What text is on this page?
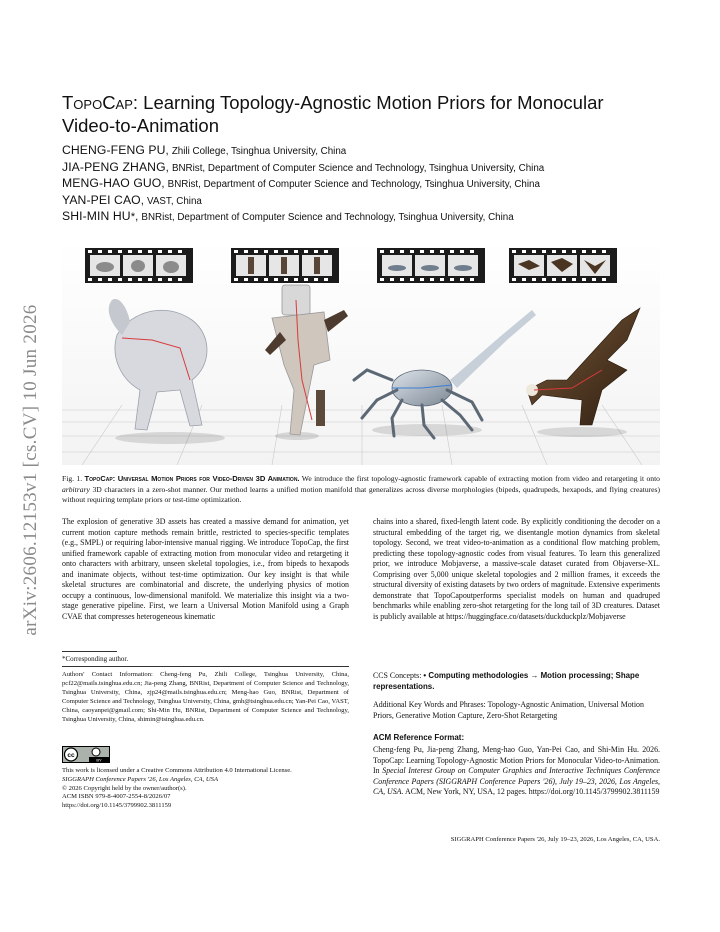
arXiv:2606.12153v1 [cs.CV] 10 Jun 2026
TopoCap: Learning Topology-Agnostic Motion Priors for Monocular
Video-to-Animation
CHENG-FENG PU, Zhili College, Tsinghua University, China
JIA-PENG ZHANG, BNRist, Department of Computer Science and Technology, Tsinghua University, China
MENG-HAO GUO, BNRist, Department of Computer Science and Technology, Tsinghua University, China
YAN-PEI CAO, VAST, China
SHI-MIN HU*, BNRist, Department of Computer Science and Technology, Tsinghua University, China
Fig. 1. TopoCap: Universal Motion Priors for Video-Driven 3D Animation. We introduce the first topology-agnostic framework capable of extracting motion from video and retargeting it onto arbitrary 3D characters in a zero-shot manner. Our method learns a unified motion manifold that generalizes across diverse morphologies (bipeds, quadrupeds, hexapods, and flying creatures) without requiring template priors or test-time optimization.

The explosion of generative 3D assets has created a massive demand for animation, yet current motion capture methods remain brittle, restricted to species-specific templates (e.g., SMPL) or requiring labor-intensive manual rigging. We introduce TopoCap, the first unified framework capable of extracting motion from monocular video and retargeting it onto characters with arbitrary, unseen skeletal topologies, i.e., from bipeds to hexapods and inanimate objects, without test-time optimization. Our key insight is that while skeletal structures are combinatorial and discrete, the underlying physics of motion occupy a continuous, low-dimensional manifold. We materialize this insight via a two-stage generative pipeline. First, we learn a Universal Motion Manifold using a Graph CVAE that compresses heterogeneous kinematic

chains into a shared, fixed-length latent code. By explicitly conditioning the decoder on a structural embedding of the target rig, we disentangle motion dynamics from skeletal topology. Second, we treat video-to-animation as a conditional flow matching problem, predicting these topology-agnostic codes from visual features. To learn this generalized prior, we introduce Mobjaverse, a massive-scale dataset curated from Objaverse-XL. Comprising over 5,000 unique skeletal topologies and 2 million frames, it exceeds the structural diversity of existing datasets by two orders of magnitude. Extensive experiments demonstrate that TopoCapoutperforms specialist models on human and quadruped benchmarks while enabling zero-shot retargeting for the long tail of 3D creatures. Dataset is publicly available at https://huggingface.co/datasets/duckduckplz/Mobjaverse

*Corresponding author.
Authors' Contact Information: Cheng-feng Pu, Zhili College, Tsinghua University, China, pcf22@mails.tsinghua.edu.cn; Jia-peng Zhang, BNRist, Department of Computer Science and Technology, Tsinghua University, China, zjp24@mails.tsinghua.edu.cn; Meng-hao Guo, BNRist, Department of Computer Science and Technology, Tsinghua University, China, gmh@tsinghua.edu.cn; Yan-Pei Cao, VAST, China, caoyanpei@gmail.com; Shi-Min Hu, BNRist, Department of Computer Science and Technology, Tsinghua University, China, shimin@tsinghua.edu.cn.
cc
BY
This work is licensed under a Creative Commons Attribution 4.0 International License.
SIGGRAPH Conference Papers '26, Los Angeles, CA, USA
© 2026 Copyright held by the owner/author(s).
ACM ISBN 979-8-4007-2554-8/2026/07
https://doi.org/10.1145/3799902.3811159
CCS Concepts: • Computing methodologies → Motion processing; Shape representations.
Additional Key Words and Phrases: Topology-Agnostic Animation, Universal Motion Priors, Generative Motion Capture, Zero-Shot Retargeting
ACM Reference Format:
Cheng-feng Pu, Jia-peng Zhang, Meng-hao Guo, Yan-Pei Cao, and Shi-Min Hu. 2026. TopoCap: Learning Topology-Agnostic Motion Priors for Monocular Video-to-Animation. In Special Interest Group on Computer Graphics and Interactive Techniques Conference Conference Papers (SIGGRAPH Conference Papers '26), July 19–23, 2026, Los Angeles, CA, USA. ACM, New York, NY, USA, 12 pages. https://doi.org/10.1145/3799902.3811159
SIGGRAPH Conference Papers '26, July 19–23, 2026, Los Angeles, CA, USA.
